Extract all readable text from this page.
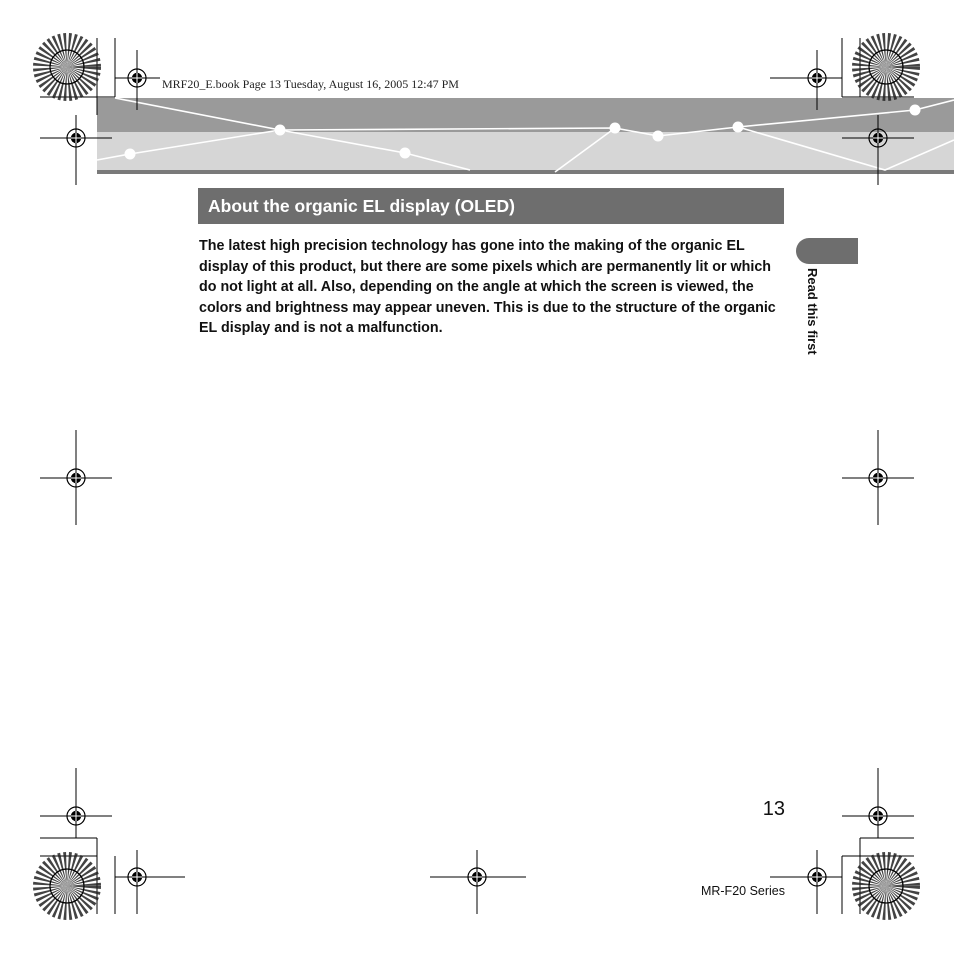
MRF20_E.book Page 13 Tuesday, August 16, 2005 12:47 PM
About the organic EL display (OLED)
The latest high precision technology has gone into the making of the organic EL display of this product, but there are some pixels which are permanently lit or which do not light at all. Also, depending on the angle at which the screen is viewed, the colors and brightness may appear uneven. This is due to the structure of the organic EL display and is not a malfunction.	Read this first
13
MR-F20 Series
